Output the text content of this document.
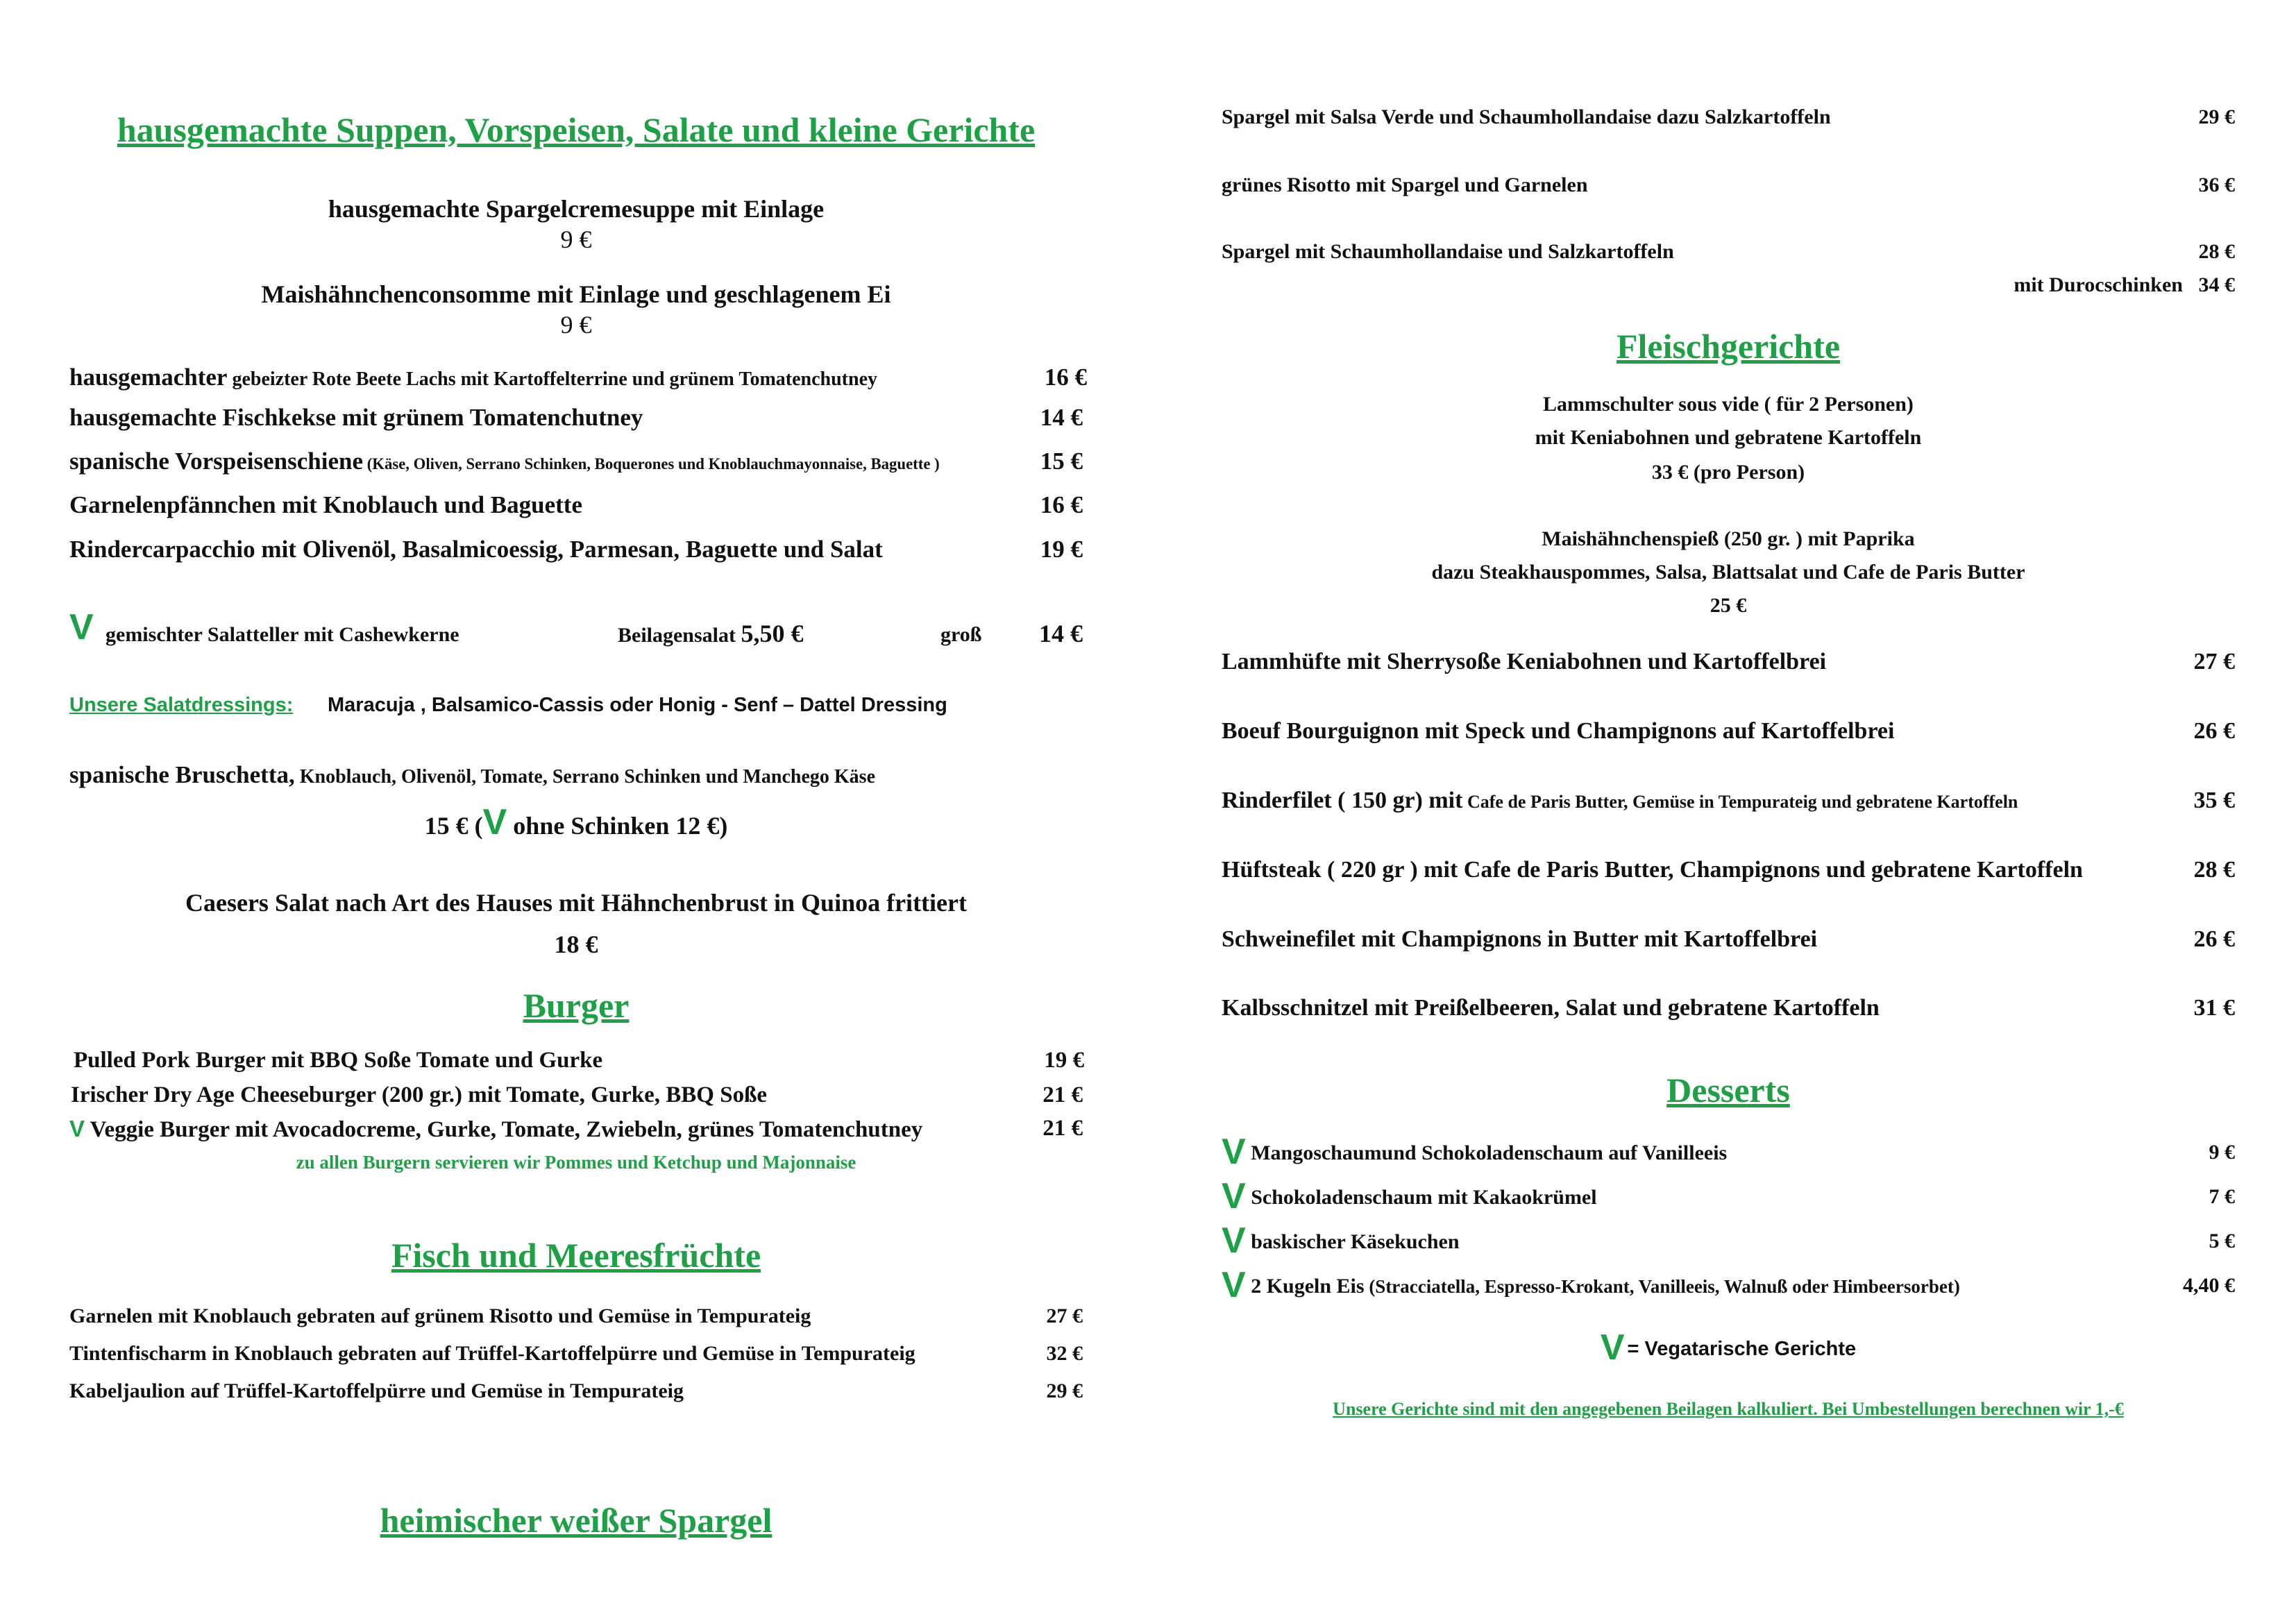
hausgemachte Suppen, Vorspeisen, Salate und kleine Gerichte
hausgemachte Spargelcremesuppe mit Einlage
9 €
Maishähnchenconsomme mit Einlage und geschlagenem Ei
9 €
hausgemachter gebeizter Rote Beete Lachs mit Kartoffelterrine und grünem Tomatenchutney	16 €
hausgemachte Fischkekse mit grünem Tomatenchutney	14 €
spanische Vorspeisenschiene (Käse, Oliven, Serrano Schinken, Boquerones und Knoblauchmayonnaise, Baguette )	15 €
Garnelenpfännchen mit Knoblauch und Baguette	16 €
Rindercarpacchio mit Olivenöl, Basalmicoessig, Parmesan, Baguette und Salat	19 €
V gemischter Salatteller mit Cashewkerne	Beilagensalat 5,50 €	groß 14 €
Unsere Salatdressings: Maracuja , Balsamico-Cassis oder Honig - Senf – Dattel Dressing
spanische Bruschetta, Knoblauch, Olivenöl, Tomate, Serrano Schinken und Manchego Käse
15 € (V ohne Schinken 12 €)
Caesers Salat nach Art des Hauses mit Hähnchenbrust in Quinoa frittiert
18 €
Burger
Pulled Pork Burger mit BBQ Soße Tomate und Gurke	19 €
Irischer Dry Age Cheeseburger (200 gr.) mit Tomate, Gurke, BBQ Soße	21 €
V Veggie Burger mit Avocadocreme, Gurke, Tomate, Zwiebeln, grünes Tomatenchutney	21 €
zu allen Burgern servieren wir Pommes und Ketchup und Majonnaise
Fisch und Meeresfrüchte
Garnelen mit Knoblauch gebraten auf grünem Risotto und Gemüse in Tempurateig	27 €
Tintenfischarm in Knoblauch gebraten auf Trüffel-Kartoffelpürre und Gemüse in Tempurateig	32 €
Kabeljaulion auf Trüffel-Kartoffelpürre und Gemüse in Tempurateig	29 €
heimischer weißer Spargel
Spargel mit Salsa Verde und Schaumhollandaise dazu Salzkartoffeln	29 €
grünes Risotto mit Spargel und Garnelen	36 €
Spargel mit Schaumhollandaise und Salzkartoffeln	28 €
mit Durocschinken 34 €
Fleischgerichte
Lammschulter sous vide ( für 2 Personen)
mit Keniabohnen und gebratene Kartoffeln
33 € (pro Person)
Maishähnchenspieß (250 gr. ) mit Paprika
dazu Steakhauspommes, Salsa, Blattsalat und Cafe de Paris Butter
25 €
Lammhüfte mit Sherrysoße Keniabohnen und Kartoffelbrei	27 €
Boeuf Bourguignon mit Speck und Champignons auf Kartoffelbrei	26 €
Rinderfilet ( 150 gr) mit Cafe de Paris Butter, Gemüse in Tempurateig und gebratene Kartoffeln	35 €
Hüftsteak ( 220 gr ) mit Cafe de Paris Butter, Champignons und gebratene Kartoffeln	28 €
Schweinefilet mit Champignons in Butter mit Kartoffelbrei	26 €
Kalbsschnitzel mit Preißelbeeren, Salat und gebratene Kartoffeln	31 €
Desserts
V Mangoschaumund Schokoladenschaum auf Vanilleeis	9 €
V Schokoladenschaum mit Kakaokrümel	7 €
V baskischer Käsekuchen	5 €
V 2 Kugeln Eis (Stracciatella, Espresso-Krokant, Vanilleeis, Walnuß oder Himbeersorbet)	4,40 €
V = Vegatarische Gerichte
Unsere Gerichte sind mit den angegebenen Beilagen kalkuliert. Bei Umbestellungen berechnen wir 1,-€
